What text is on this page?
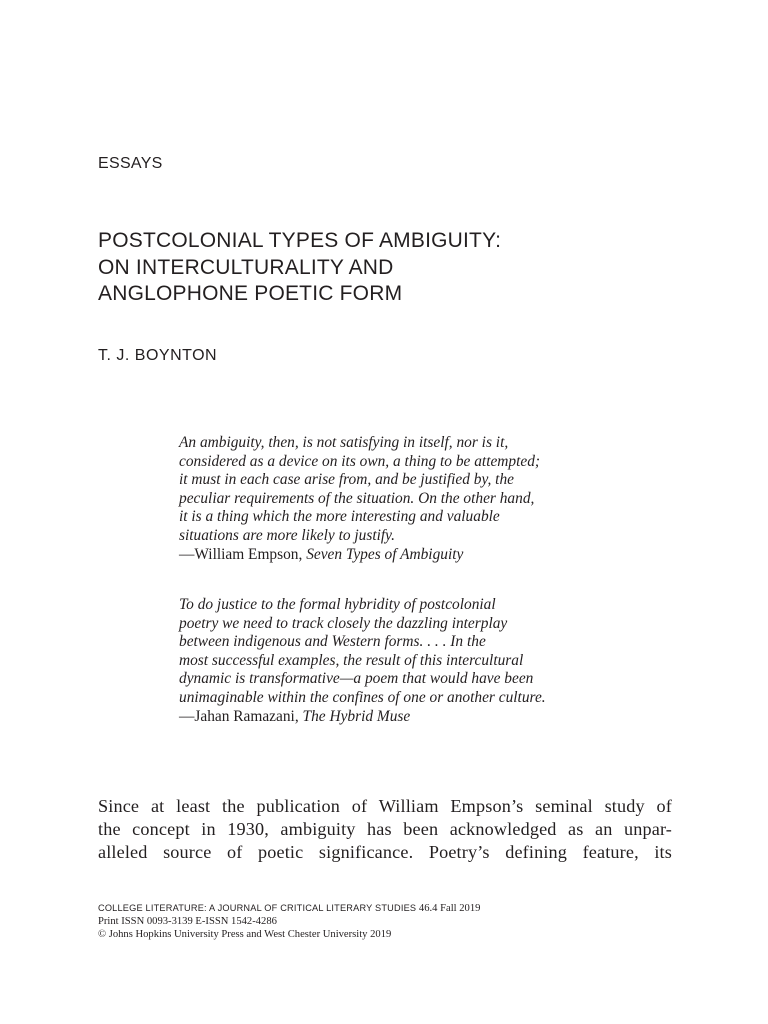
ESSAYS
POSTCOLONIAL TYPES OF AMBIGUITY:
ON INTERCULTURALITY AND
ANGLOPHONE POETIC FORM
T. J. BOYNTON
An ambiguity, then, is not satisfying in itself, nor is it,
considered as a device on its own, a thing to be attempted;
it must in each case arise from, and be justified by, the
peculiar requirements of the situation. On the other hand,
it is a thing which the more interesting and valuable
situations are more likely to justify.
—William Empson, Seven Types of Ambiguity
To do justice to the formal hybridity of postcolonial
poetry we need to track closely the dazzling interplay
between indigenous and Western forms. . . . In the
most successful examples, the result of this intercultural
dynamic is transformative—a poem that would have been
unimaginable within the confines of one or another culture.
—Jahan Ramazani, The Hybrid Muse
Since at least the publication of William Empson’s seminal study of
the concept in 1930, ambiguity has been acknowledged as an unpar-
alleled source of poetic significance. Poetry’s defining feature, its
COLLEGE LITERATURE: A JOURNAL OF CRITICAL LITERARY STUDIES 46.4 Fall 2019
Print ISSN 0093-3139 E-ISSN 1542-4286
© Johns Hopkins University Press and West Chester University 2019
